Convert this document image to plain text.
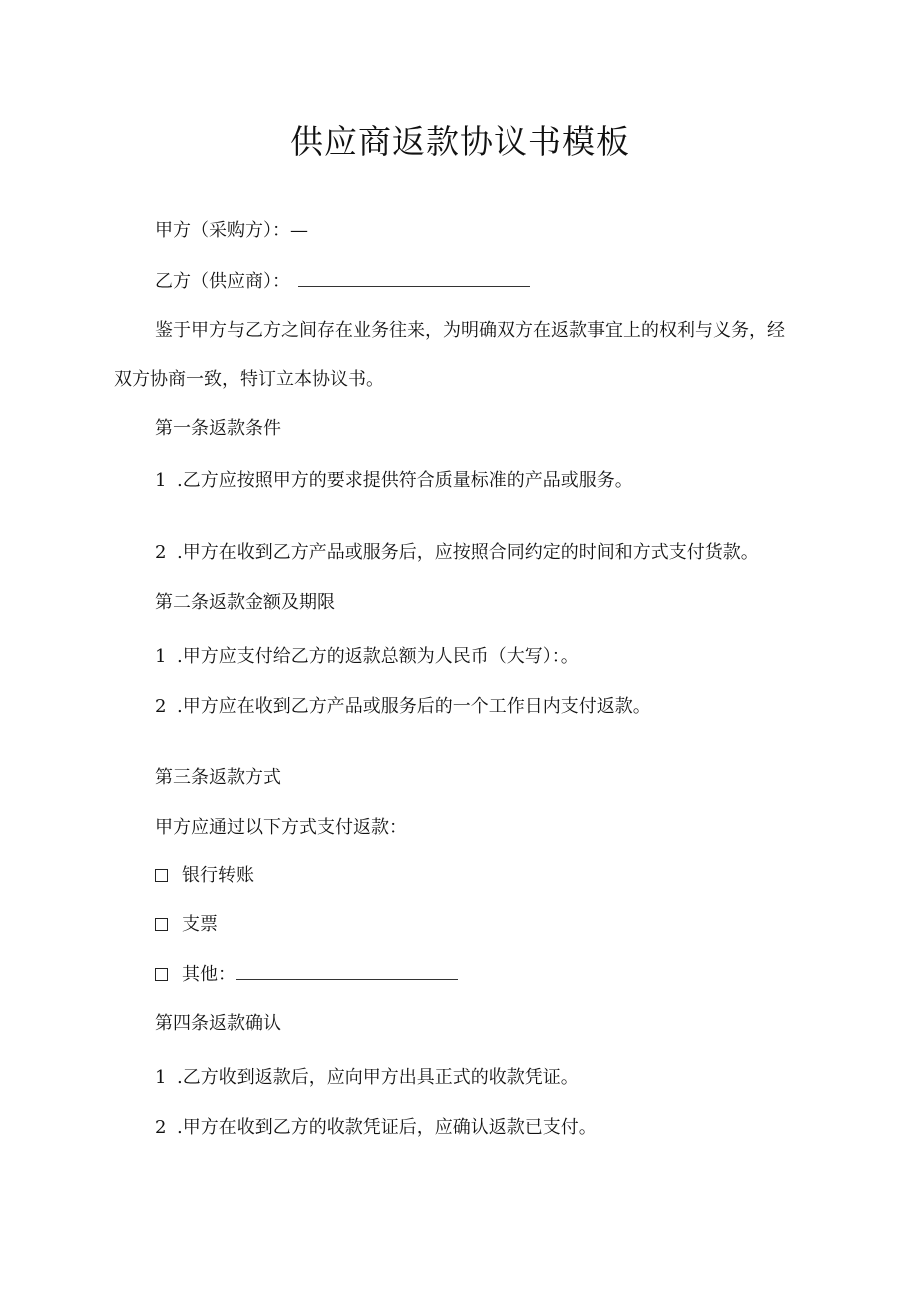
供应商返款协议书模板
甲方（采购方）：—
乙方（供应商）：
鉴于甲方与乙方之间存在业务往来，为明确双方在返款事宜上的权利与义务，经
双方协商一致，特订立本协议书。
第一条返款条件
1 .乙方应按照甲方的要求提供符合质量标准的产品或服务。
2 .甲方在收到乙方产品或服务后，应按照合同约定的时间和方式支付货款。
第二条返款金额及期限
1 .甲方应支付给乙方的返款总额为人民币（大写）：。
2 .甲方应在收到乙方产品或服务后的一个工作日内支付返款。
第三条返款方式
甲方应通过以下方式支付返款：
银行转账
支票
其他：
第四条返款确认
1 .乙方收到返款后，应向甲方出具正式的收款凭证。
2 .甲方在收到乙方的收款凭证后，应确认返款已支付。
